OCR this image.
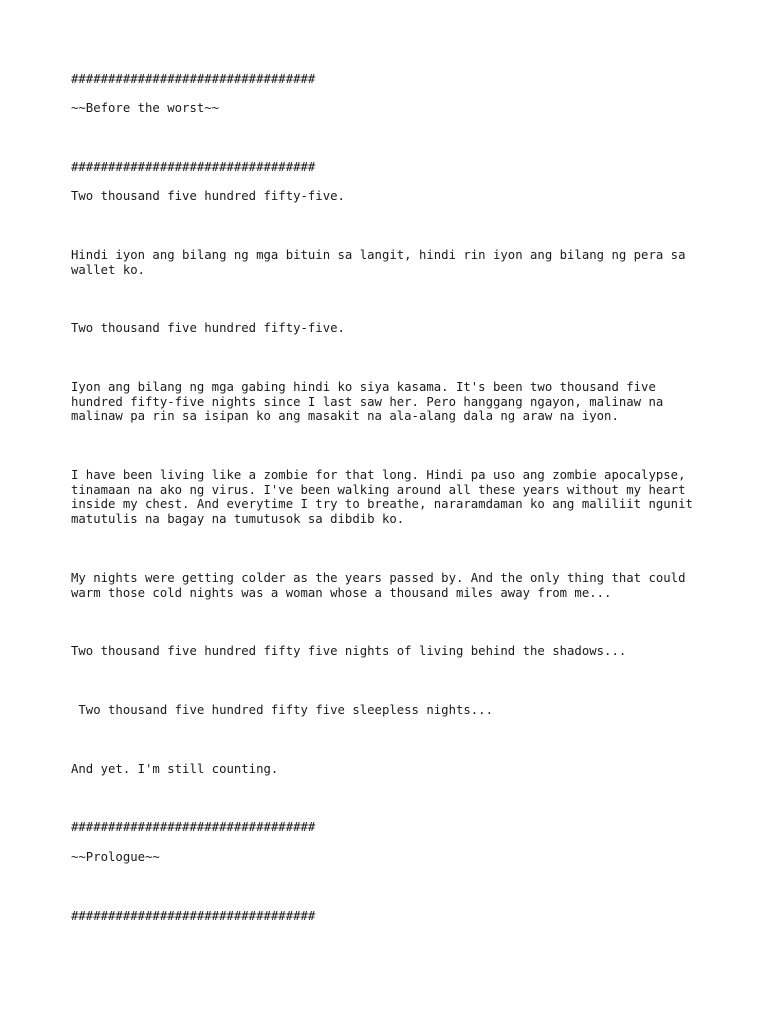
#################################

~~Before the worst~~

#################################

Two thousand five hundred fifty-five.

Hindi iyon ang bilang ng mga bituin sa langit, hindi rin iyon ang bilang ng pera sa wallet ko.

Two thousand five hundred fifty-five.

Iyon ang bilang ng mga gabing hindi ko siya kasama. It's been two thousand five hundred fifty-five nights since I last saw her. Pero hanggang ngayon, malinaw na malinaw pa rin sa isipan ko ang masakit na ala-alang dala ng araw na iyon.

I have been living like a zombie for that long. Hindi pa uso ang zombie apocalypse, tinamaan na ako ng virus. I've been walking around all these years without my heart inside my chest. And everytime I try to breathe, nararamdaman ko ang maliliit ngunit matutulis na bagay na tumutusok sa dibdib ko.

My nights were getting colder as the years passed by. And the only thing that could warm those cold nights was a woman whose a thousand miles away from me...

Two thousand five hundred fifty five nights of living behind the shadows...

Two thousand five hundred fifty five sleepless nights...

And yet. I'm still counting.

#################################

~~Prologue~~

#################################
